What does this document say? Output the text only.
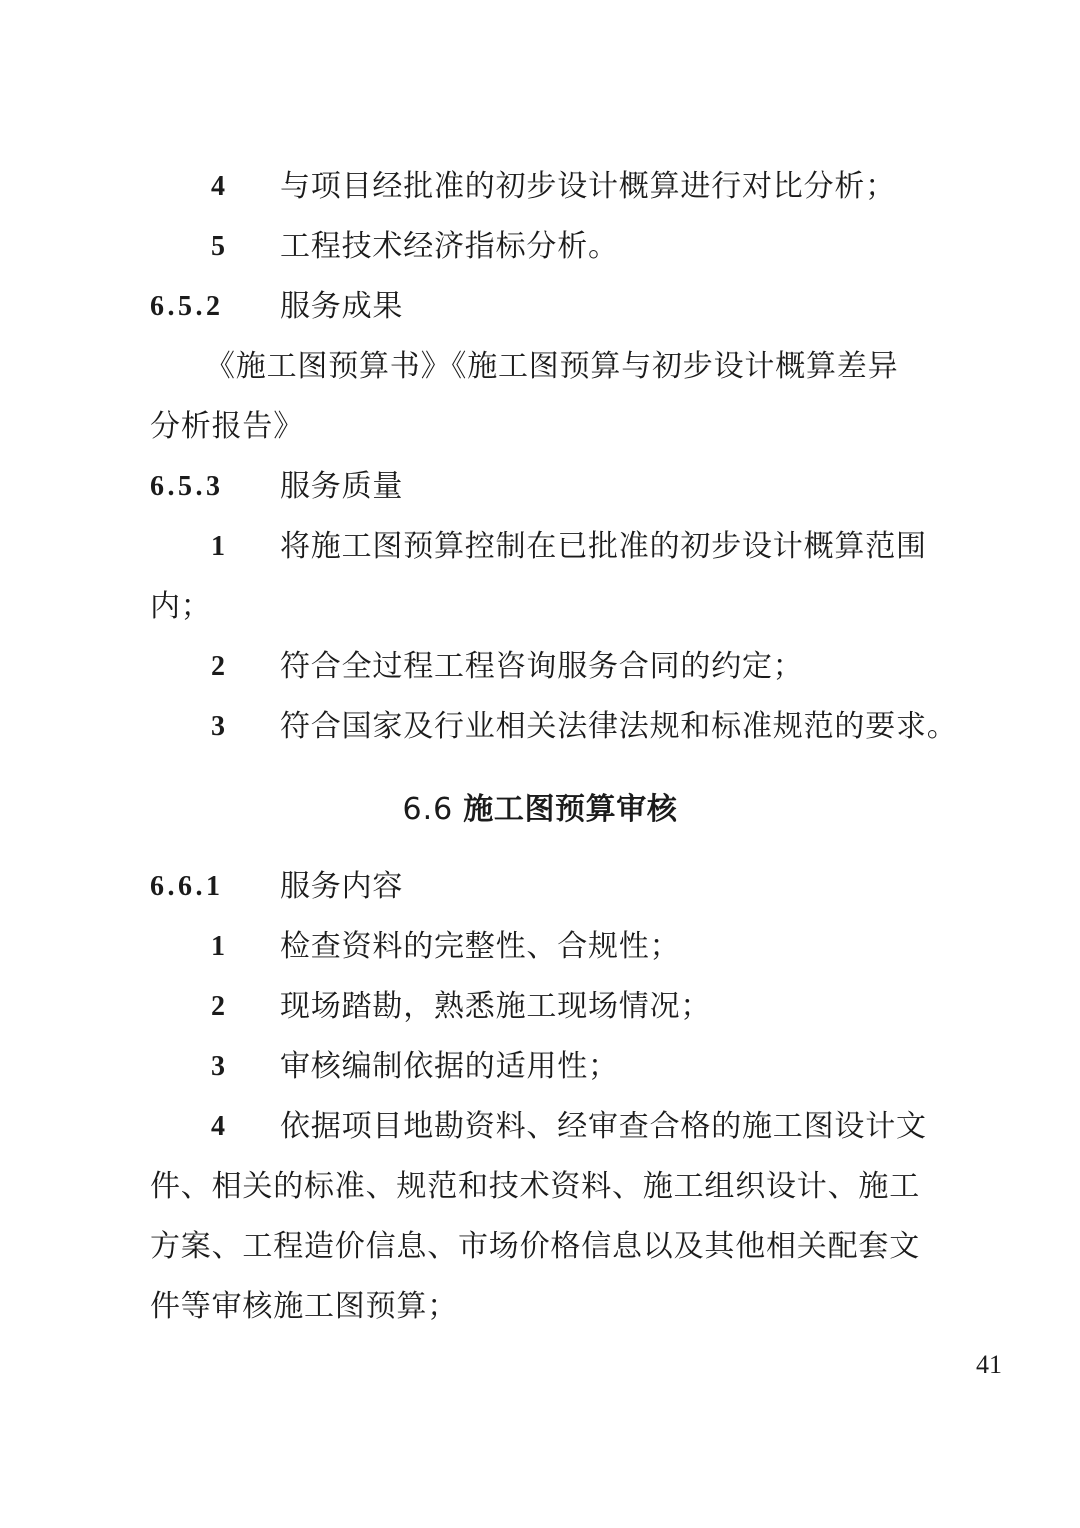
4 与项目经批准的初步设计概算进行对比分析；
5 工程技术经济指标分析。
6.5.2 服务成果
《施工图预算书》《施工图预算与初步设计概算差异
分析报告》
6.5.3 服务质量
1 将施工图预算控制在已批准的初步设计概算范围
内；
2 符合全过程工程咨询服务合同的约定；
3 符合国家及行业相关法律法规和标准规范的要求。
6.6 施工图预算审核
6.6.1 服务内容
1 检查资料的完整性、合规性；
2 现场踏勘，熟悉施工现场情况；
3 审核编制依据的适用性；
4 依据项目地勘资料、经审查合格的施工图设计文
件、相关的标准、规范和技术资料、施工组织设计、施工
方案、工程造价信息、市场价格信息以及其他相关配套文
件等审核施工图预算；
41
